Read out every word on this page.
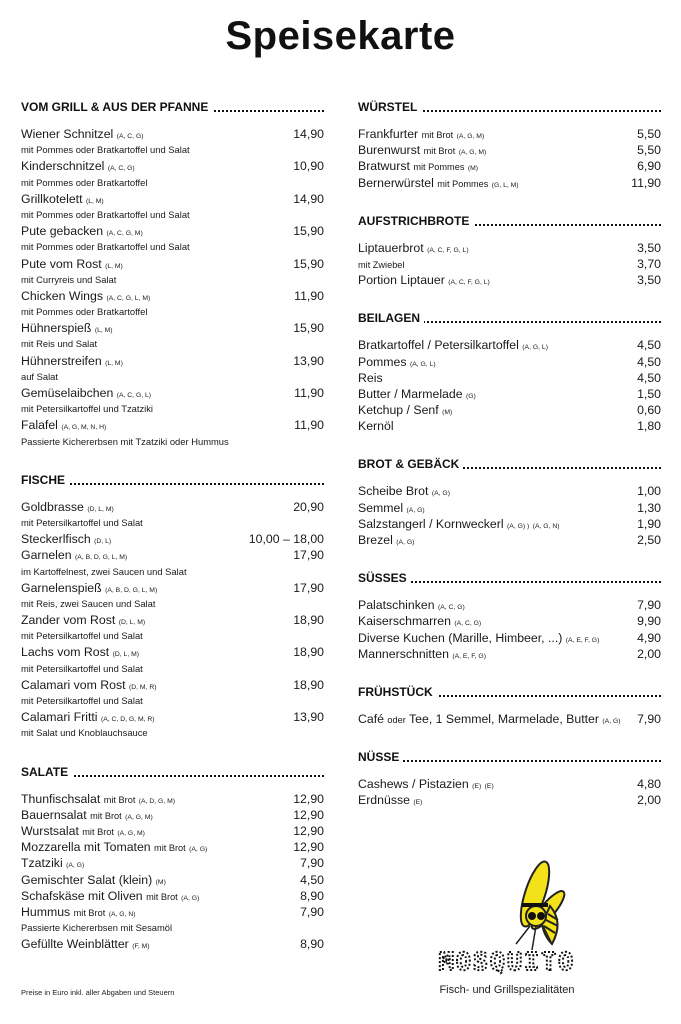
Speisekarte
VOM GRILL & AUS DER PFANNE
Wiener Schnitzel (A, C, G)	14,90
mit Pommes oder Bratkartoffel und Salat
Kinderschnitzel (A, C, G)	10,90
mit Pommes oder Bratkartoffel
Grillkotelett (L, M)	14,90
mit Pommes oder Bratkartoffel und Salat
Pute gebacken (A, C, G, M)	15,90
mit Pommes oder Bratkartoffel und Salat
Pute vom Rost (L, M)	15,90
mit Curryreis und Salat
Chicken Wings (A, C, G, L, M)	11,90
mit Pommes oder Bratkartoffel
Hühnerspieß (L, M)	15,90
mit Reis und Salat
Hühnerstreifen (L, M)	13,90
auf Salat
Gemüselaibchen (A, C, G, L)	11,90
mit Petersilkartoffel und Tzatziki
Falafel (A, G, M, N, H)	11,90
Passierte Kichererbsen mit Tzatziki oder Hummus
FISCHE
Goldbrasse (D, L, M)	20,90
mit Petersilkartoffel und Salat
Steckerlfisch (D, L)	10,00 – 18,00
Garnelen (A, B, D, G, L, M)	17,90
im Kartoffelnest, zwei Saucen und Salat
Garnelenspieß (A, B, D, G, L, M)	17,90
mit Reis, zwei Saucen und Salat
Zander vom Rost (D, L, M)	18,90
mit Petersilkartoffel und Salat
Lachs vom Rost (D, L, M)	18,90
mit Petersilkartoffel und Salat
Calamari vom Rost (D, M, R)	18,90
mit Petersilkartoffel und Salat
Calamari Fritti (A, C, D, G, M, R)	13,90
mit Salat und Knoblauchsauce
SALATE
Thunfischsalat mit Brot (A, D, G, M)	12,90
Bauernsalat mit Brot (A, G, M)	12,90
Wurstsalat mit Brot (A, G, M)	12,90
Mozzarella mit Tomaten mit Brot (A, G)	12,90
Tzatziki (A, G)	7,90
Gemischter Salat (klein) (M)	4,50
Schafskäse mit Oliven mit Brot (A, G)	8,90
Hummus mit Brot (A, G, N)	7,90
Passierte Kichererbsen mit Sesamöl
Gefüllte Weinblätter (F, M)	8,90
WÜRSTEL
Frankfurter mit Brot (A, G, M)	5,50
Burenwurst mit Brot (A, G, M)	5,50
Bratwurst mit Pommes (M)	6,90
Bernerwürstel mit Pommes (G, L, M)	11,90
AUFSTRICHBROTE
Liptauerbrot (A, C, F, G, L)	3,50
mit Zwiebel	3,70
Portion Liptauer (A, C, F, G, L)	3,50
BEILAGEN
Bratkartoffel / Petersilkartoffel (A, G, L)	4,50
Pommes (A, G, L)	4,50
Reis	4,50
Butter / Marmelade (G)	1,50
Ketchup / Senf (M)	0,60
Kernöl	1,80
BROT & GEBÄCK
Scheibe Brot (A, G)	1,00
Semmel (A, G)	1,30
Salzstangerl / Kornweckerl (A, G) ) (A, G, N)	1,90
Brezel (A, G)	2,50
SÜSSES
Palatschinken (A, C, G)	7,90
Kaiserschmarren (A, C, G)	9,90
Diverse Kuchen (Marille, Himbeer, ...) (A, E, F, G)	4,90
Mannerschnitten (A, E, F, G)	2,00
FRÜHSTÜCK
Café oder Tee, 1 Semmel, Marmelade, Butter (A, G) 7,90
NÜSSE
Cashews / Pistazien (E) (E)	4,80
Erdnüsse (E)	2,00
MOSQUITO
Fisch- und Grillspezialitäten
Preise in Euro inkl. aller Abgaben und Steuern
